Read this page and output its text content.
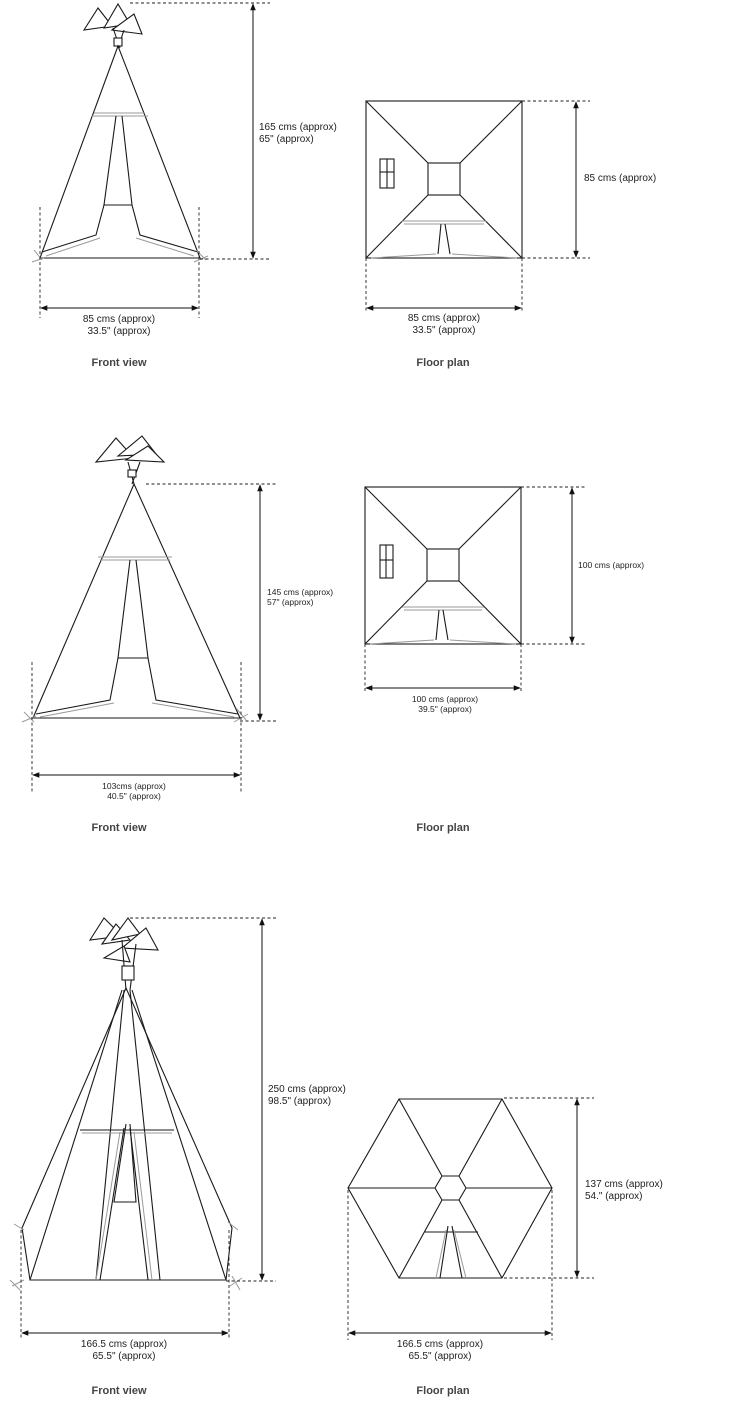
165 cms (approx)
65" (approx)
85 cms (approx)
33.5" (approx)
85 cms (approx)
85 cms (approx)
33.5" (approx)
Front view	Floor plan
145 cms (approx)
57" (approx)
103cms (approx)
40.5" (approx)
100 cms (approx)
100 cms (approx)
39.5" (approx)
Front view	Floor plan
250 cms (approx)
98.5" (approx)
166.5 cms (approx)
65.5" (approx)
137 cms (approx)
54." (approx)
166.5 cms (approx)
65.5" (approx)
Front view	Floor plan
